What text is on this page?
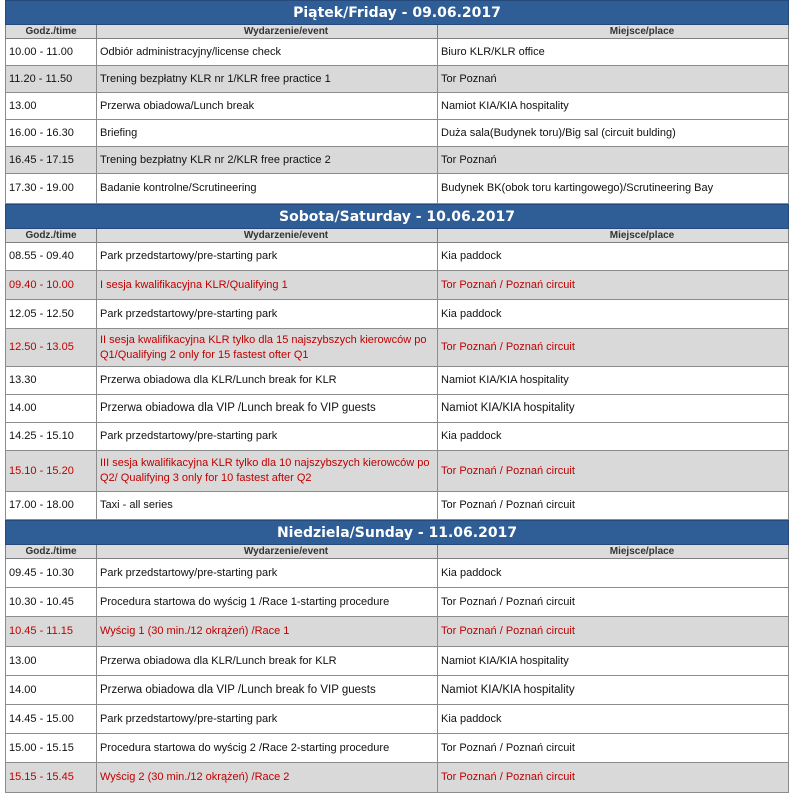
Piątek/Friday - 09.06.2017		
Godz./time	Wydarzenie/event	Miejsce/place
10.00 - 11.00	Odbiór administracyjny/license check	Biuro KLR/KLR office
11.20 - 11.50	Trening bezpłatny KLR nr 1/KLR free practice 1	Tor Poznań
13.00	Przerwa obiadowa/Lunch break	Namiot KIA/KIA hospitality
16.00 - 16.30	Briefing	Duża sala(Budynek toru)/Big sal (circuit bulding)
16.45 - 17.15	Trening bezpłatny KLR nr 2/KLR free practice 2	Tor Poznań
17.30 - 19.00	Badanie kontrolne/Scrutineering	Budynek BK(obok toru kartingowego)/Scrutineering Bay
Sobota/Saturday - 10.06.2017		
Godz./time	Wydarzenie/event	Miejsce/place
08.55 - 09.40	Park przedstartowy/pre-starting park	Kia paddock
09.40 - 10.00	I sesja kwalifikacyjna KLR/Qualifying 1	Tor Poznań / Poznań circuit
12.05 - 12.50	Park przedstartowy/pre-starting park	Kia paddock
12.50 - 13.05	II sesja kwalifikacyjna KLR tylko dla 15 najszybszych kierowców po Q1/Qualifying 2 only for 15 fastest ofter Q1	Tor Poznań / Poznań circuit
13.30	Przerwa obiadowa dla KLR/Lunch break for KLR	Namiot KIA/KIA hospitality
14.00	Przerwa obiadowa dla VIP /Lunch break fo VIP guests	Namiot KIA/KIA hospitality
14.25 - 15.10	Park przedstartowy/pre-starting park	Kia paddock
15.10 - 15.20	III sesja kwalifikacyjna KLR tylko dla 10 najszybszych kierowców po Q2/ Qualifying 3 only for 10 fastest after Q2	Tor Poznań / Poznań circuit
17.00 - 18.00	Taxi - all series	Tor Poznań / Poznań circuit
Niedziela/Sunday - 11.06.2017		
Godz./time	Wydarzenie/event	Miejsce/place
09.45 - 10.30	Park przedstartowy/pre-starting park	Kia paddock
10.30 - 10.45	Procedura startowa do wyścig 1 /Race 1-starting procedure	Tor Poznań / Poznań circuit
10.45 - 11.15	Wyścig 1 (30 min./12 okrążeń) /Race 1	Tor Poznań / Poznań circuit
13.00	Przerwa obiadowa dla KLR/Lunch break for KLR	Namiot KIA/KIA hospitality
14.00	Przerwa obiadowa dla VIP /Lunch break fo VIP guests	Namiot KIA/KIA hospitality
14.45 - 15.00	Park przedstartowy/pre-starting park	Kia paddock
15.00 - 15.15	Procedura startowa do wyścig 2 /Race 2-starting procedure	Tor Poznań / Poznań circuit
15.15 - 15.45	Wyścig 2 (30 min./12 okrążeń) /Race 2	Tor Poznań / Poznań circuit
